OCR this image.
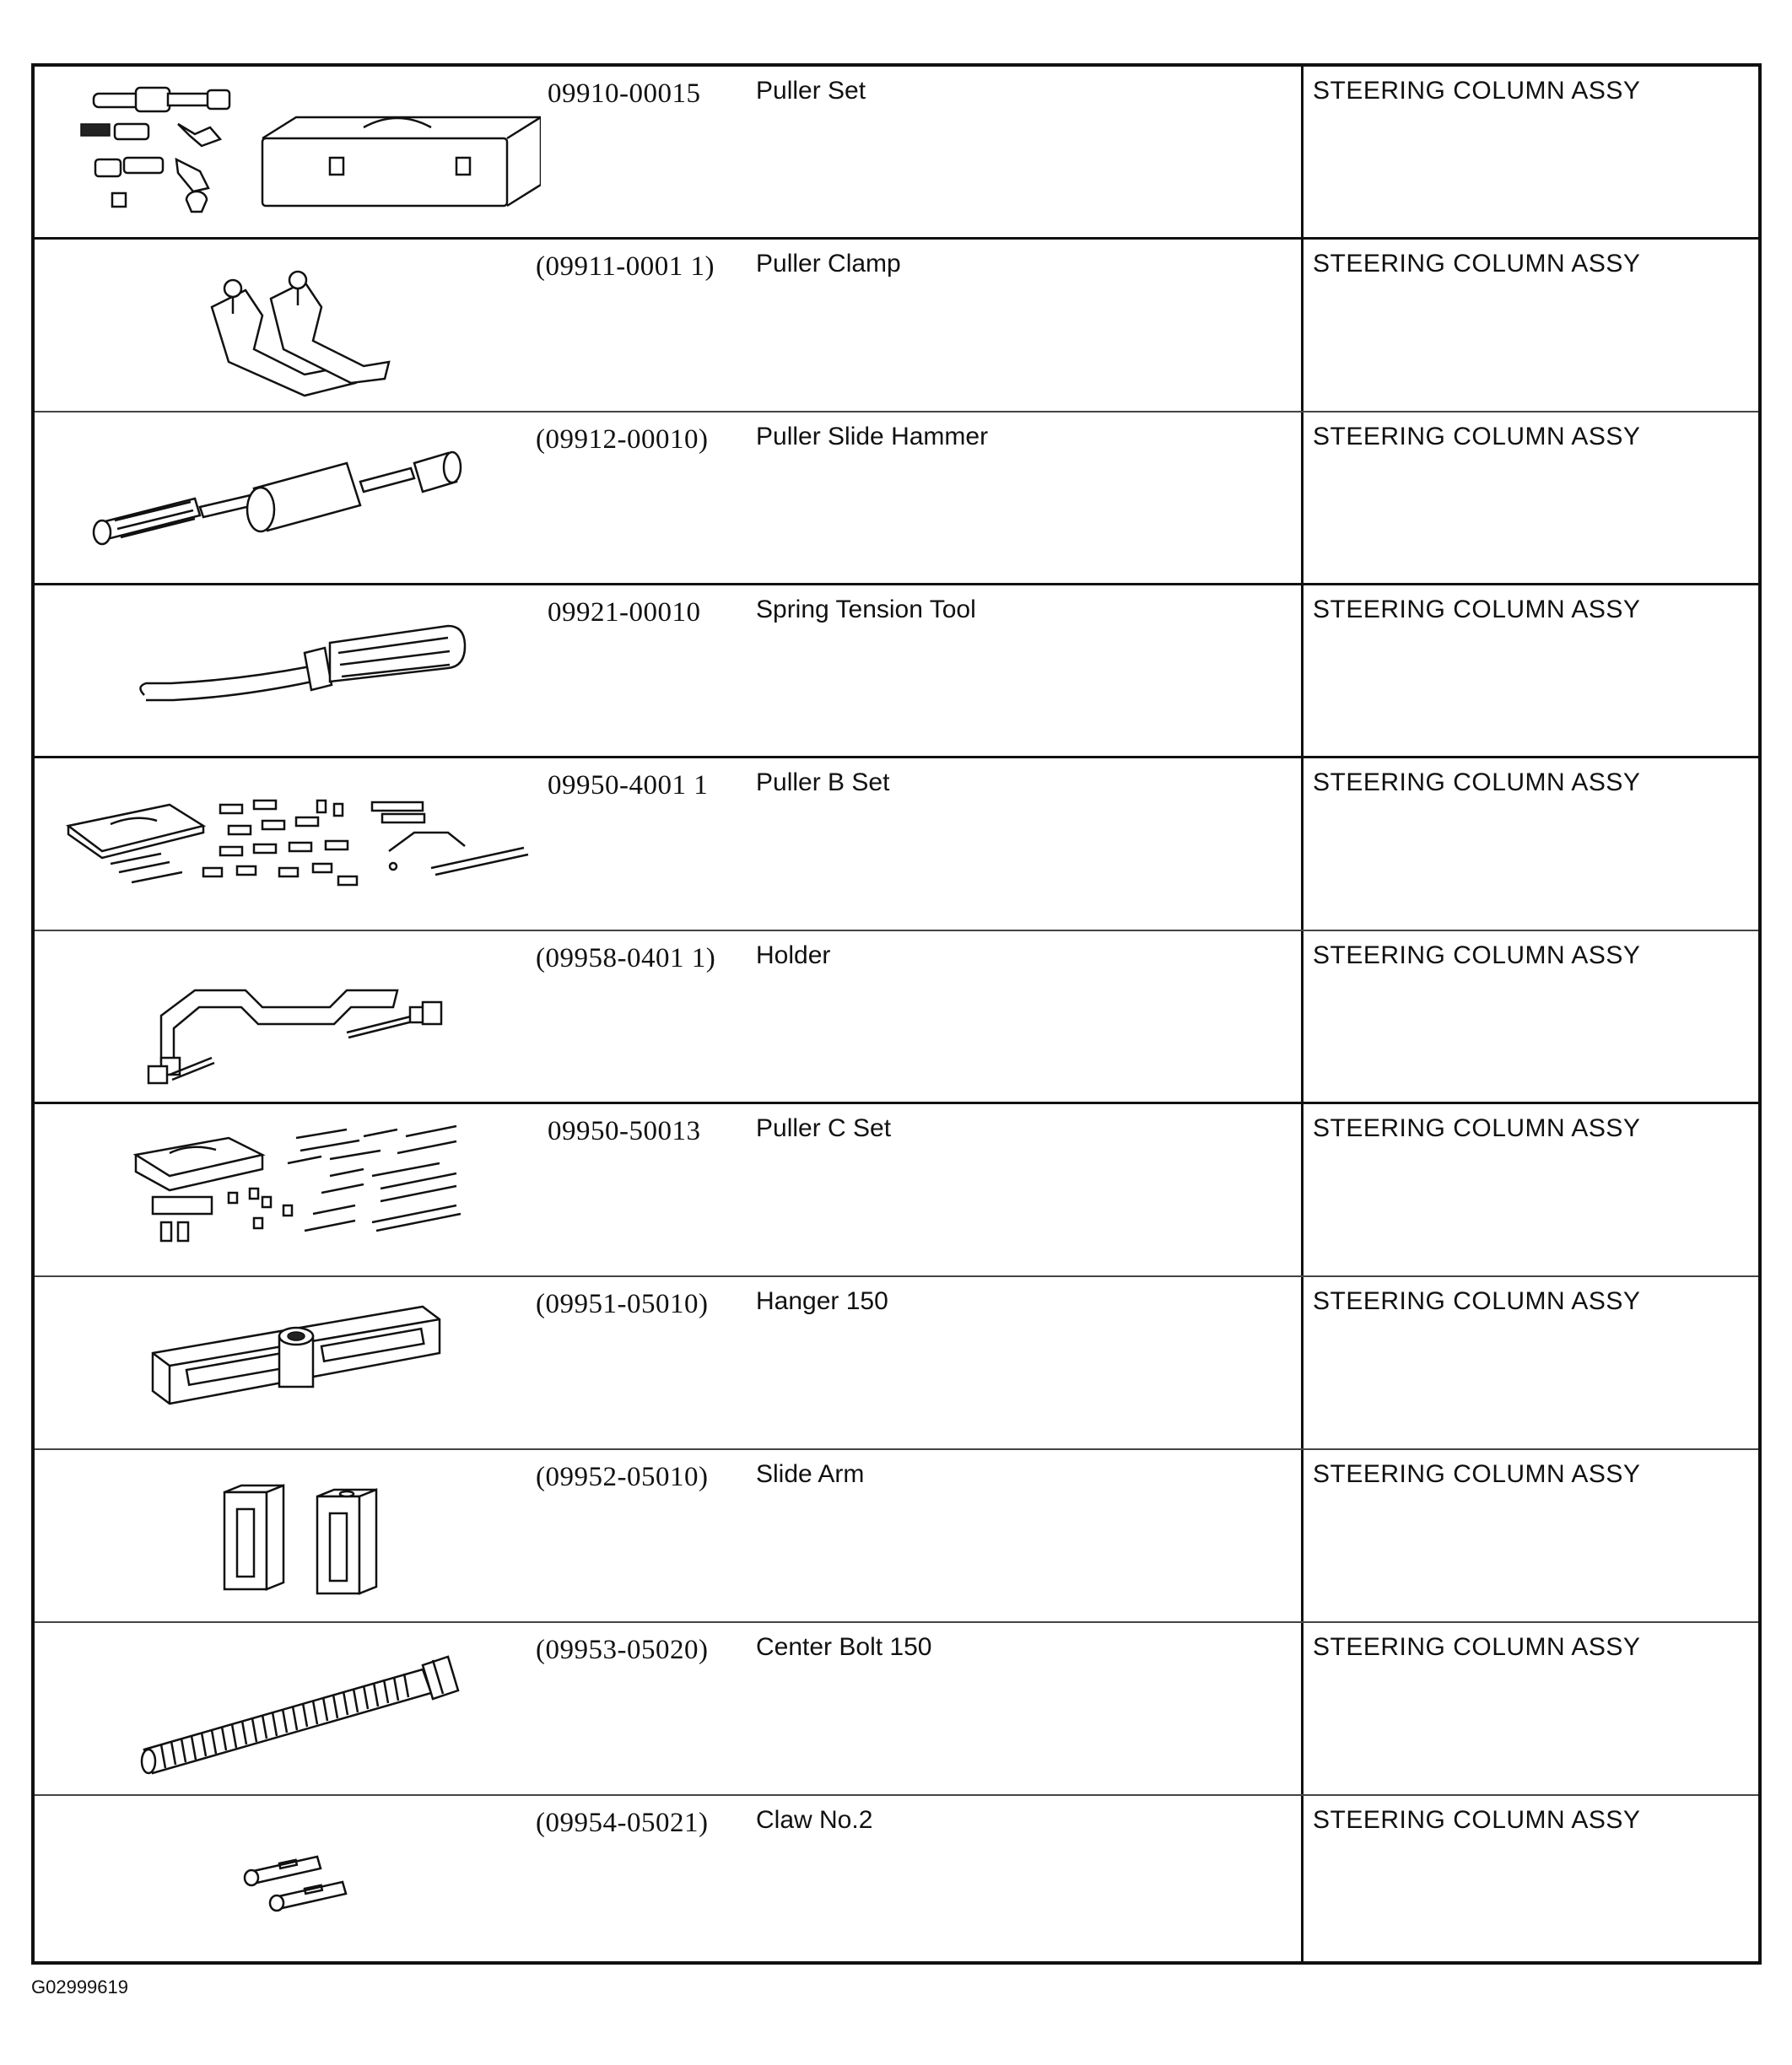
09910-00015 Puller Set	STEERING COLUMN ASSY
(09911-0001 1) Puller Clamp	STEERING COLUMN ASSY
(09912-00010) Puller Slide Hammer	STEERING COLUMN ASSY
09921-00010 Spring Tension Tool	STEERING COLUMN ASSY
09950-4001 1 Puller B Set	STEERING COLUMN ASSY
(09958-0401 1) Holder	STEERING COLUMN ASSY
09950-50013 Puller C Set	STEERING COLUMN ASSY
(09951-05010) Hanger 150	STEERING COLUMN ASSY
(09952-05010) Slide Arm	STEERING COLUMN ASSY
(09953-05020) Center Bolt 150	STEERING COLUMN ASSY
(09954-05021) Claw No.2	STEERING COLUMN ASSY
G02999619
